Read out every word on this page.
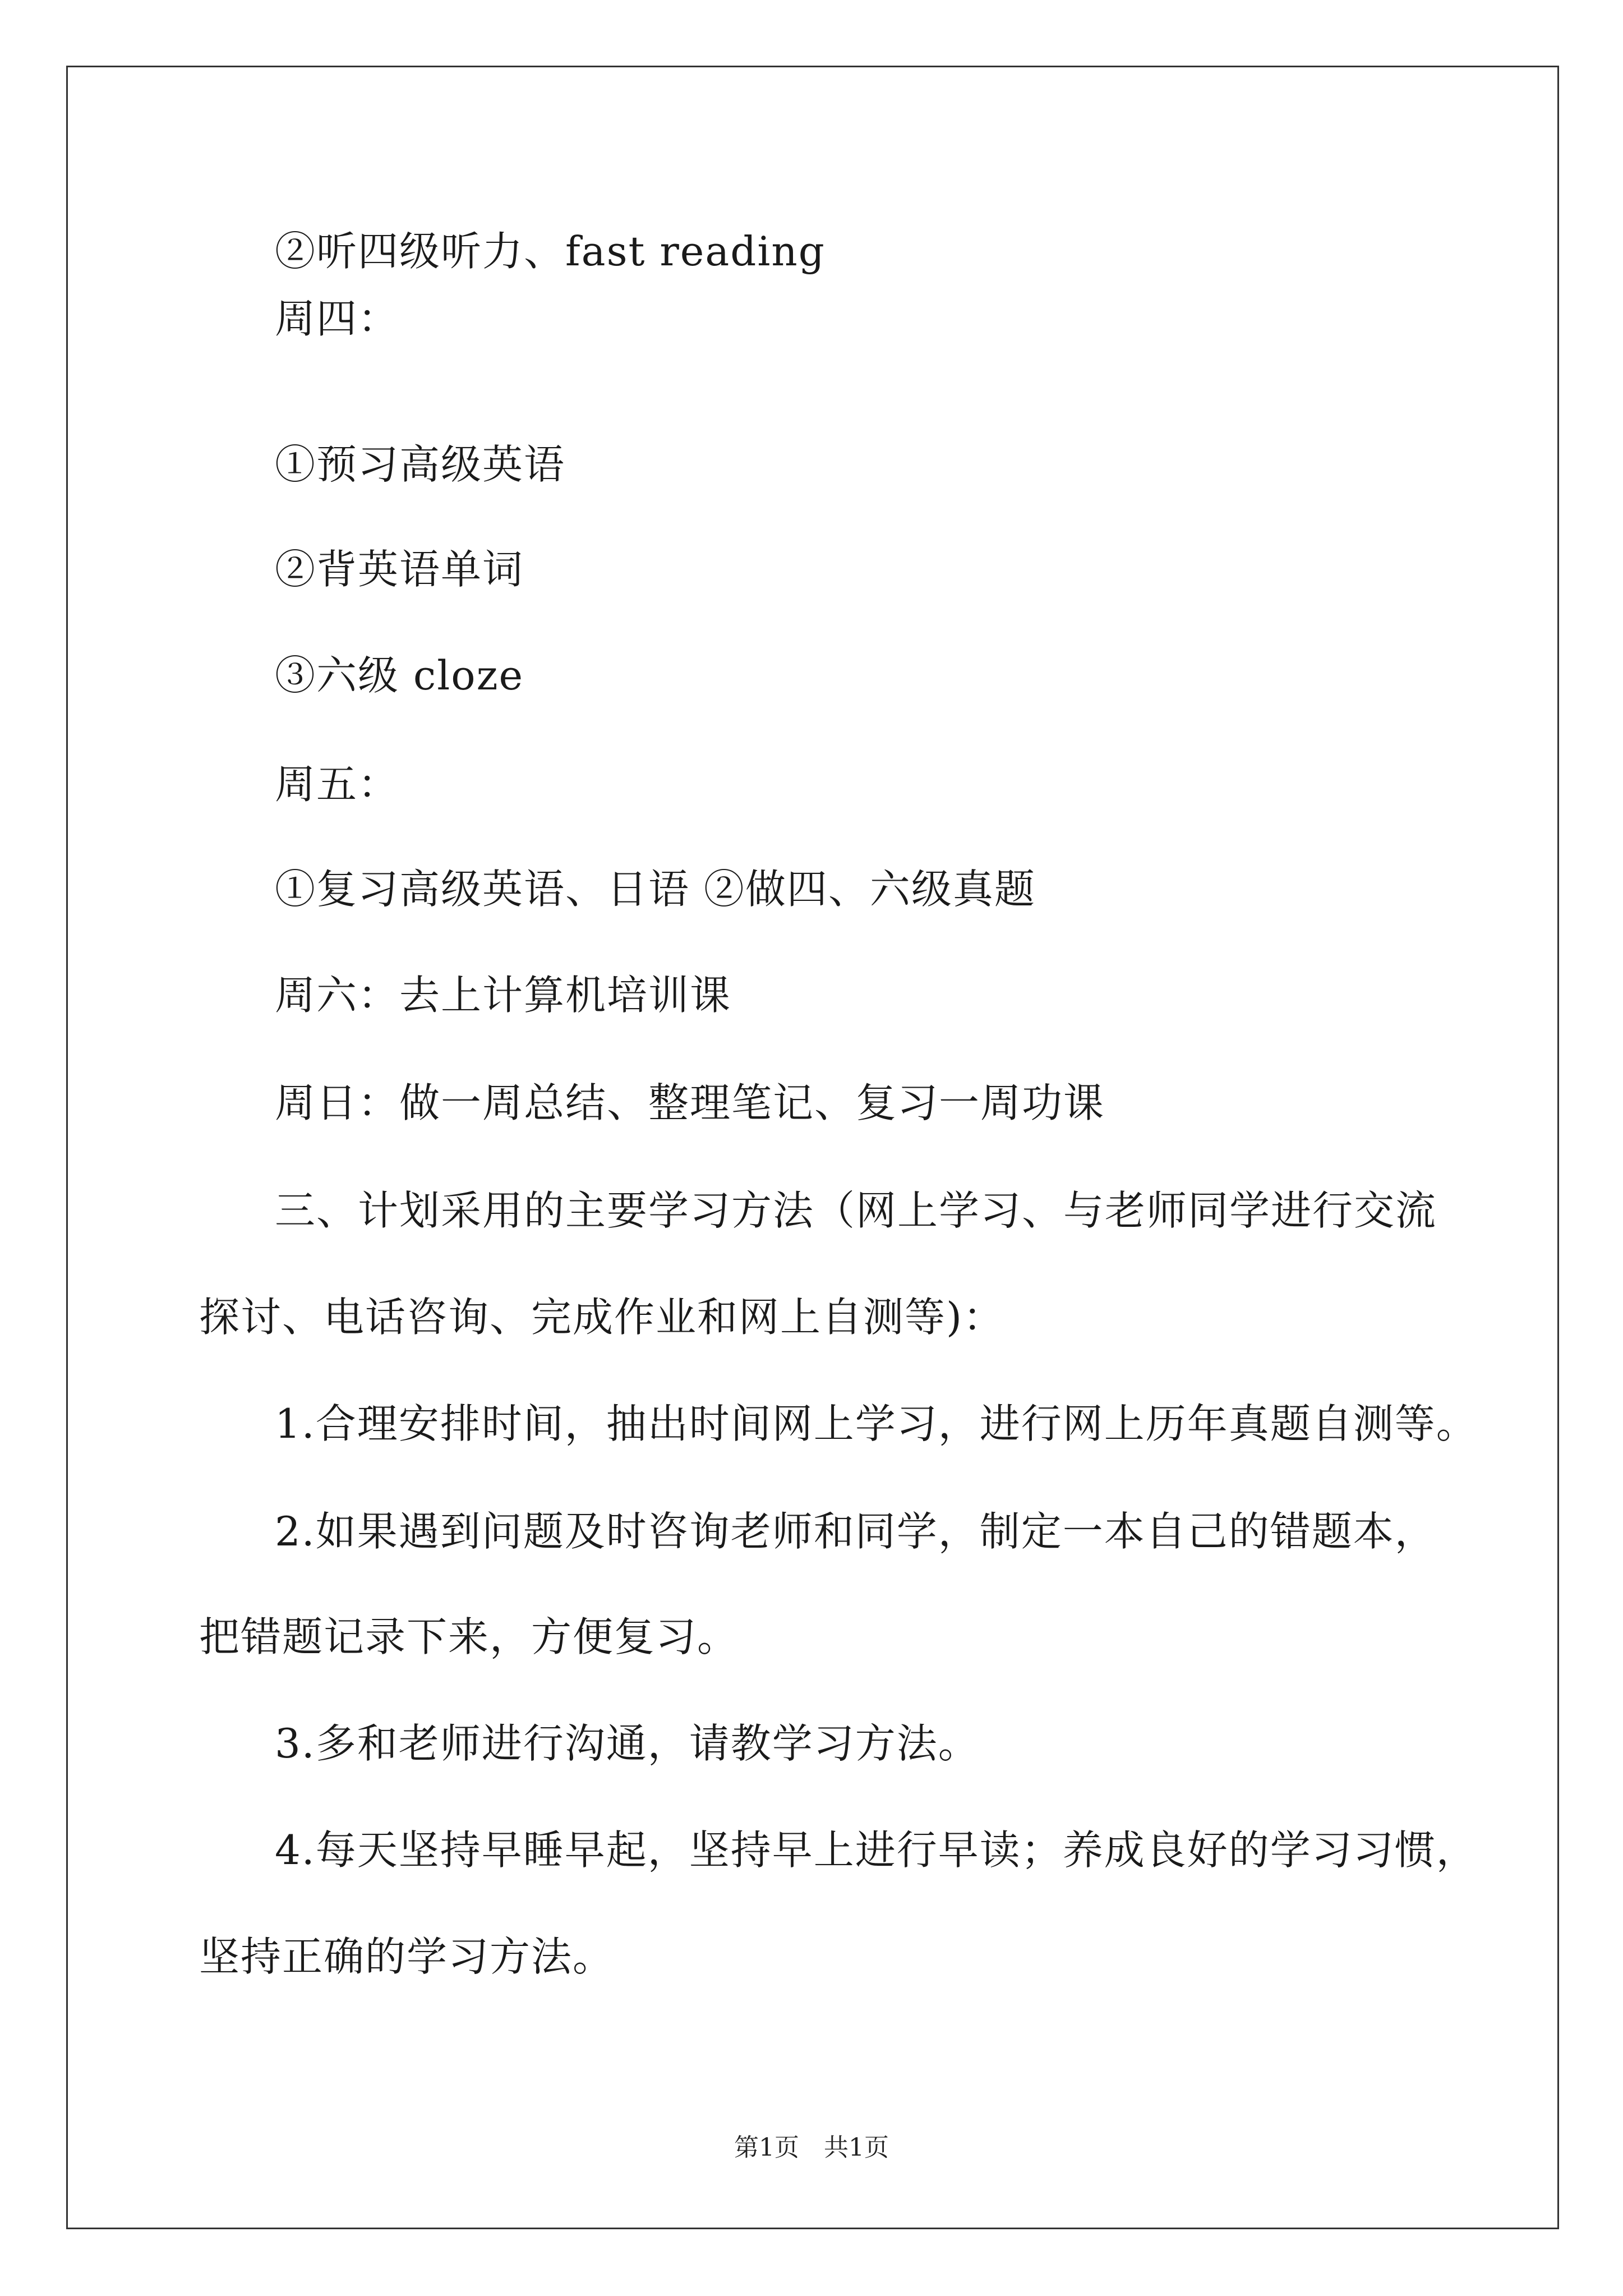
②听四级听力、fast reading
周四：
①预习高级英语
②背英语单词
③六级 cloze
周五：
①复习高级英语、日语 ②做四、六级真题
周六：去上计算机培训课
周日：做一周总结、整理笔记、复习一周功课
三、计划采用的主要学习方法（网上学习、与老师同学进行交流
探讨、电话咨询、完成作业和网上自测等)：
1.合理安排时间，抽出时间网上学习，进行网上历年真题自测等。
2.如果遇到问题及时咨询老师和同学，制定一本自己的错题本，
把错题记录下来，方便复习。
3.多和老师进行沟通，请教学习方法。
4.每天坚持早睡早起，坚持早上进行早读；养成良好的学习习惯，
坚持正确的学习方法。
第1页　共1页
